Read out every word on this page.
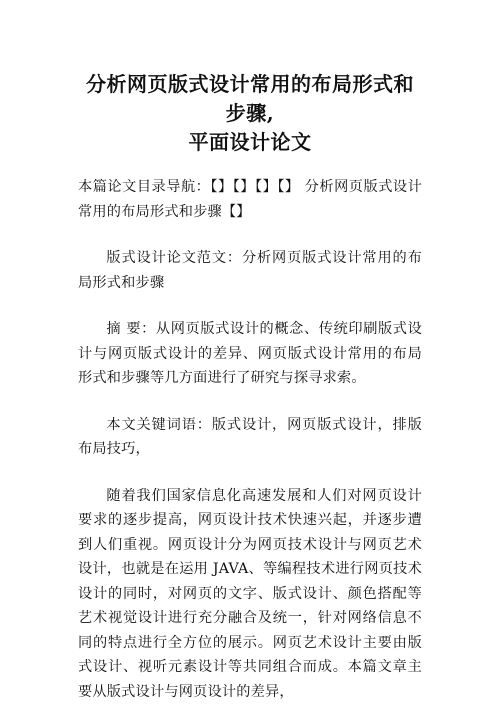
分析网页版式设计常用的布局形式和步骤,
平面设计论文

本篇论文目录导航：【】【】【】【】 分析网页版式设计常用的布局形式和步骤【】

版式设计论文范文：分析网页版式设计常用的布局形式和步骤

摘 要：从网页版式设计的概念、传统印刷版式设计与网页版式设计的差异、网页版式设计常用的布局形式和步骤等几方面进行了研究与探寻求索。

本文关键词语：版式设计，网页版式设计，排版布局技巧，

随着我们国家信息化高速发展和人们对网页设计要求的逐步提高，网页设计技术快速兴起，并逐步遭到人们重视。网页设计分为网页技术设计与网页艺术设计，也就是在运用 JAVA、等编程技术进行网页技术设计的同时，对网页的文字、版式设计、颜色搭配等艺术视觉设计进行充分融合及统一，针对网络信息不同的特点进行全方位的展示。网页艺术设计主要由版式设计、视听元素设计等共同组合而成。本篇文章主要从版式设计与网页设计的差异，
